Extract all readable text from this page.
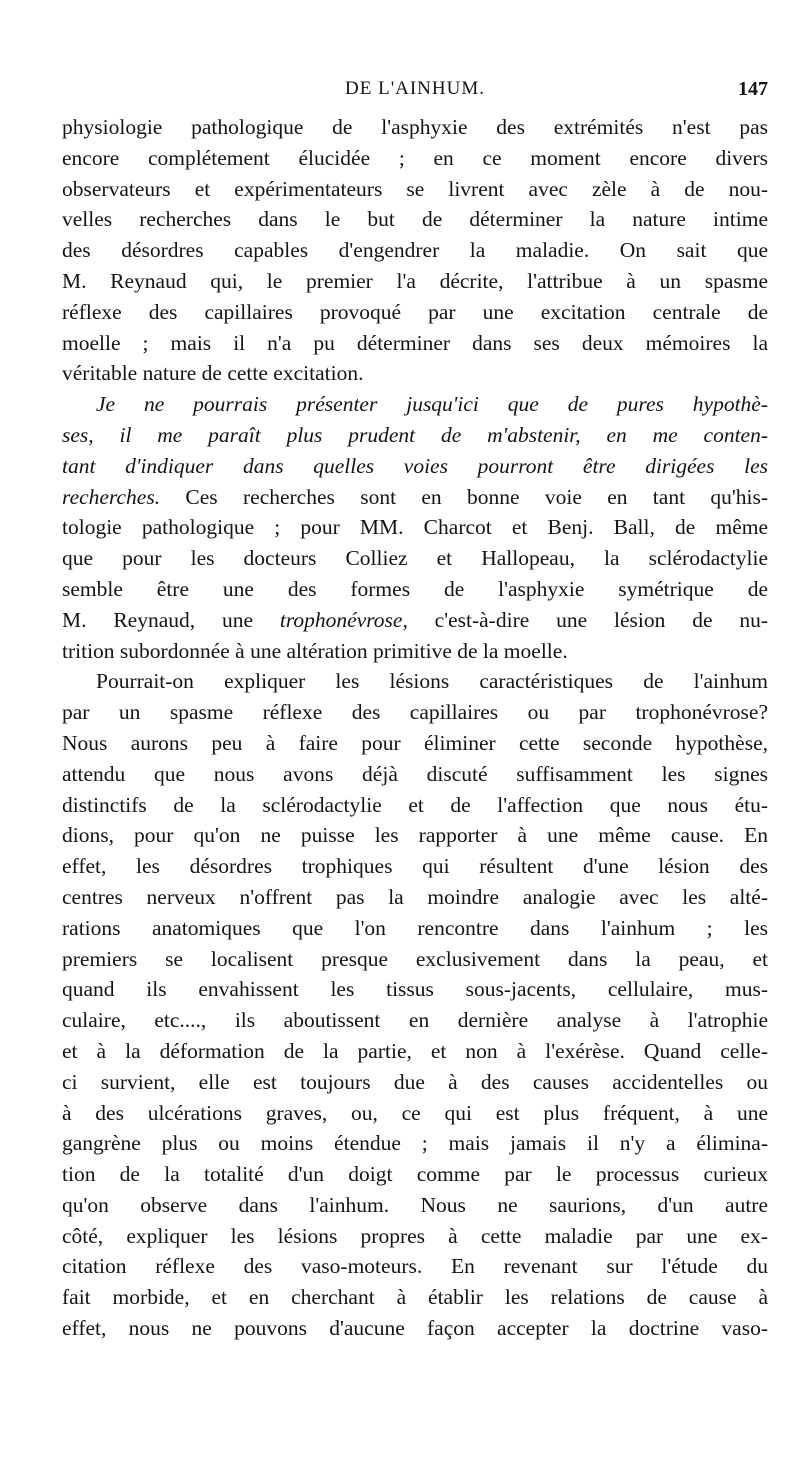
DE L'AINHUM.	147
physiologie pathologique de l'asphyxie des extrémités n'est pas
encore complétement élucidée ; en ce moment encore divers
observateurs et expérimentateurs se livrent avec zèle à de nou-
velles recherches dans le but de déterminer la nature intime
des désordres capables d'engendrer la maladie. On sait que
M. Reynaud qui, le premier l'a décrite, l'attribue à un spasme
réflexe des capillaires provoqué par une excitation centrale de
moelle ; mais il n'a pu déterminer dans ses deux mémoires la
véritable nature de cette excitation.
Je ne pourrais présenter jusqu'ici que de pures hypothè-
ses, il me paraît plus prudent de m'abstenir, en me conten-
tant d'indiquer dans quelles voies pourront être dirigées les
recherches. Ces recherches sont en bonne voie en tant qu'his-
tologie pathologique ; pour MM. Charcot et Benj. Ball, de même
que pour les docteurs Colliez et Hallopeau, la sclérodactylie
semble être une des formes de l'asphyxie symétrique de
M. Reynaud, une trophonévrose, c'est-à-dire une lésion de nu-
trition subordonnée à une altération primitive de la moelle.
Pourrait-on expliquer les lésions caractéristiques de l'ainhum
par un spasme réflexe des capillaires ou par trophonévrose?
Nous aurons peu à faire pour éliminer cette seconde hypothèse,
attendu que nous avons déjà discuté suffisamment les signes
distinctifs de la sclérodactylie et de l'affection que nous étu-
dions, pour qu'on ne puisse les rapporter à une même cause. En
effet, les désordres trophiques qui résultent d'une lésion des
centres nerveux n'offrent pas la moindre analogie avec les alté-
rations anatomiques que l'on rencontre dans l'ainhum ; les
premiers se localisent presque exclusivement dans la peau, et
quand ils envahissent les tissus sous-jacents, cellulaire, mus-
culaire, etc...., ils aboutissent en dernière analyse à l'atrophie
et à la déformation de la partie, et non à l'exérèse. Quand celle-
ci survient, elle est toujours due à des causes accidentelles ou
à des ulcérations graves, ou, ce qui est plus fréquent, à une
gangrène plus ou moins étendue ; mais jamais il n'y a élimina-
tion de la totalité d'un doigt comme par le processus curieux
qu'on observe dans l'ainhum. Nous ne saurions, d'un autre
côté, expliquer les lésions propres à cette maladie par une ex-
citation réflexe des vaso-moteurs. En revenant sur l'étude du
fait morbide, et en cherchant à établir les relations de cause à
effet, nous ne pouvons d'aucune façon accepter la doctrine vaso-
